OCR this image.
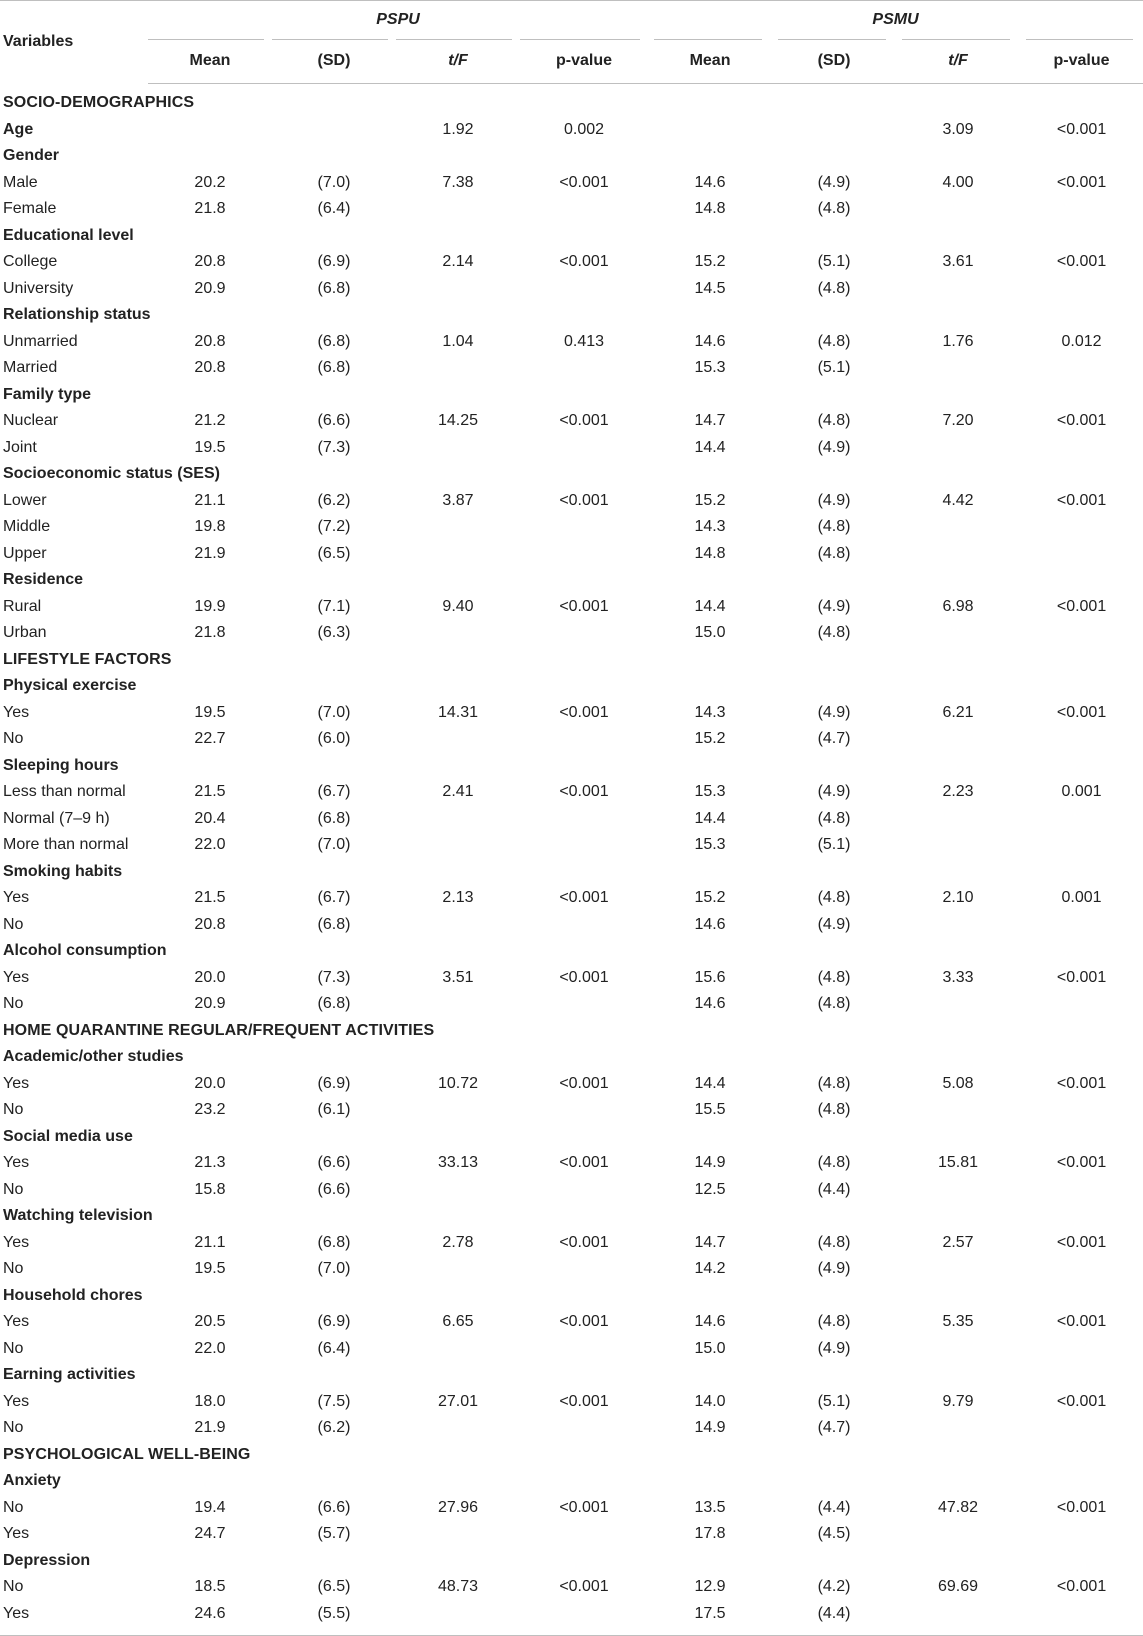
Variables	PSPU				PSMU			
	Mean	(SD)	t/F	p-value	Mean	(SD)	t/F	p-value

SOCIO-DEMOGRAPHICS								
Age			1.92	0.002			3.09	<0.001
Gender								
Male	20.2	(7.0)	7.38	<0.001	14.6	(4.9)	4.00	<0.001
Female	21.8	(6.4)			14.8	(4.8)		
Educational level								
College	20.8	(6.9)	2.14	<0.001	15.2	(5.1)	3.61	<0.001
University	20.9	(6.8)			14.5	(4.8)		
Relationship status								
Unmarried	20.8	(6.8)	1.04	0.413	14.6	(4.8)	1.76	0.012
Married	20.8	(6.8)			15.3	(5.1)		
Family type								
Nuclear	21.2	(6.6)	14.25	<0.001	14.7	(4.8)	7.20	<0.001
Joint	19.5	(7.3)			14.4	(4.9)		
Socioeconomic status (SES)								
Lower	21.1	(6.2)	3.87	<0.001	15.2	(4.9)	4.42	<0.001
Middle	19.8	(7.2)			14.3	(4.8)		
Upper	21.9	(6.5)			14.8	(4.8)		
Residence								
Rural	19.9	(7.1)	9.40	<0.001	14.4	(4.9)	6.98	<0.001
Urban	21.8	(6.3)			15.0	(4.8)		
LIFESTYLE FACTORS								
Physical exercise								
Yes	19.5	(7.0)	14.31	<0.001	14.3	(4.9)	6.21	<0.001
No	22.7	(6.0)			15.2	(4.7)		
Sleeping hours								
Less than normal	21.5	(6.7)	2.41	<0.001	15.3	(4.9)	2.23	0.001
Normal (7–9 h)	20.4	(6.8)			14.4	(4.8)		
More than normal	22.0	(7.0)			15.3	(5.1)		
Smoking habits								
Yes	21.5	(6.7)	2.13	<0.001	15.2	(4.8)	2.10	0.001
No	20.8	(6.8)			14.6	(4.9)		
Alcohol consumption								
Yes	20.0	(7.3)	3.51	<0.001	15.6	(4.8)	3.33	<0.001
No	20.9	(6.8)			14.6	(4.8)		
HOME QUARANTINE REGULAR/FREQUENT ACTIVITIES								
Academic/other studies								
Yes	20.0	(6.9)	10.72	<0.001	14.4	(4.8)	5.08	<0.001
No	23.2	(6.1)			15.5	(4.8)		
Social media use								
Yes	21.3	(6.6)	33.13	<0.001	14.9	(4.8)	15.81	<0.001
No	15.8	(6.6)			12.5	(4.4)		
Watching television								
Yes	21.1	(6.8)	2.78	<0.001	14.7	(4.8)	2.57	<0.001
No	19.5	(7.0)			14.2	(4.9)		
Household chores								
Yes	20.5	(6.9)	6.65	<0.001	14.6	(4.8)	5.35	<0.001
No	22.0	(6.4)			15.0	(4.9)		
Earning activities								
Yes	18.0	(7.5)	27.01	<0.001	14.0	(5.1)	9.79	<0.001
No	21.9	(6.2)			14.9	(4.7)		
PSYCHOLOGICAL WELL-BEING								
Anxiety								
No	19.4	(6.6)	27.96	<0.001	13.5	(4.4)	47.82	<0.001
Yes	24.7	(5.7)			17.8	(4.5)		
Depression								
No	18.5	(6.5)	48.73	<0.001	12.9	(4.2)	69.69	<0.001
Yes	24.6	(5.5)			17.5	(4.4)		
